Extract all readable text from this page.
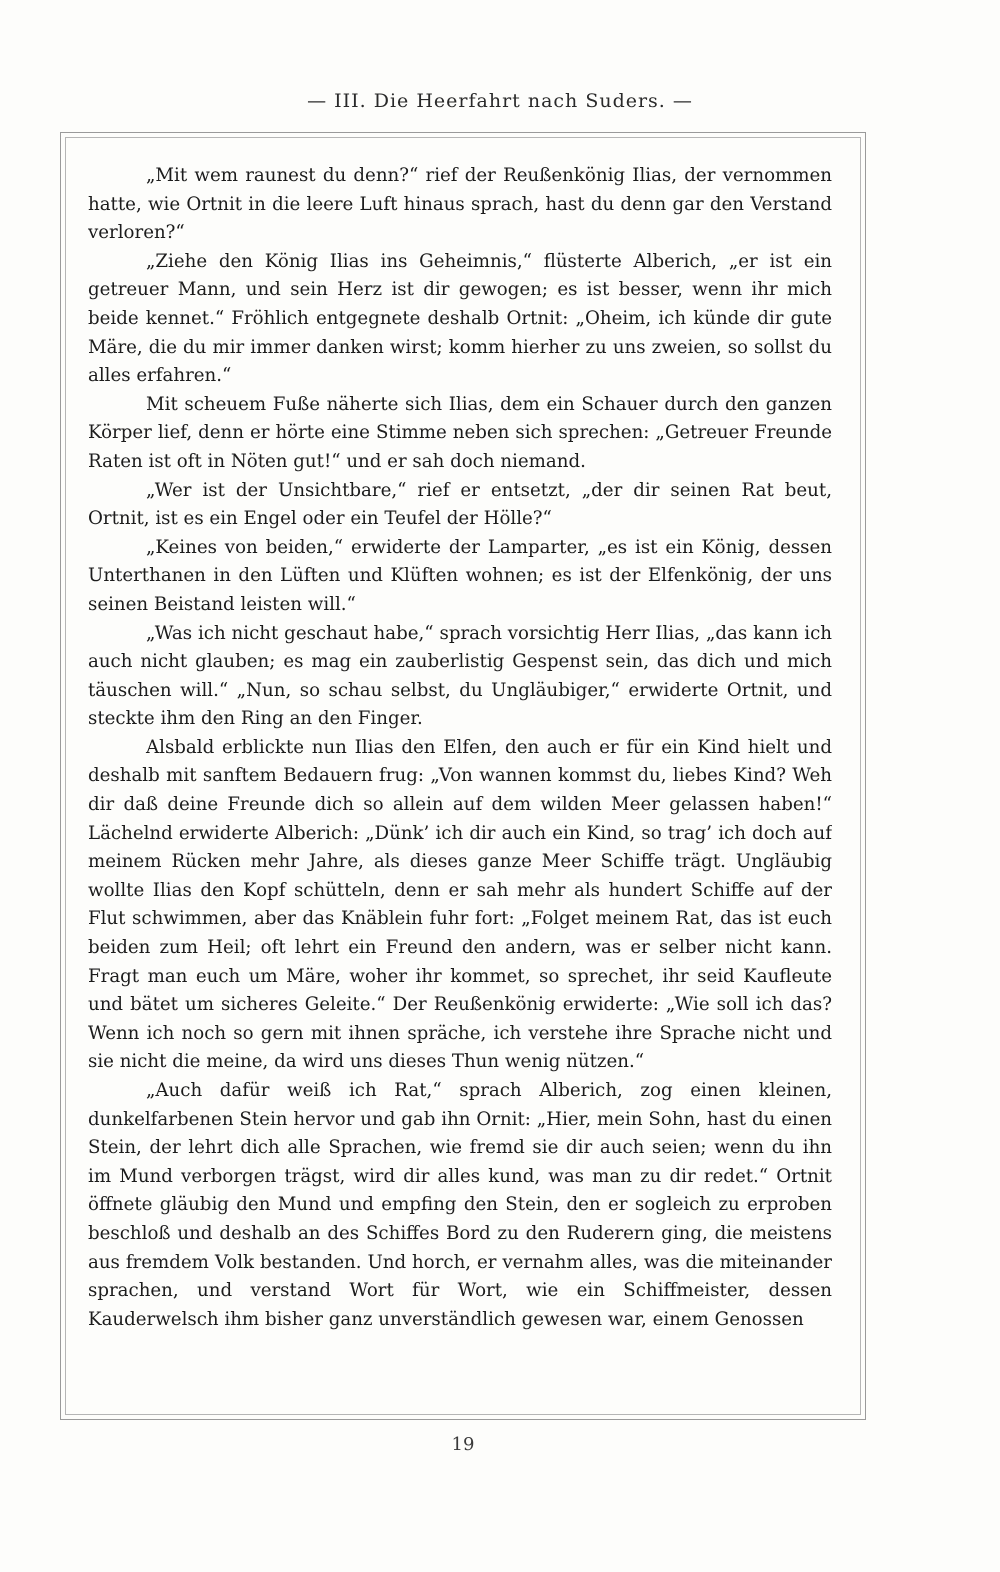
— III. Die Heerfahrt nach Suders. —

„Mit wem raunest du denn?“ rief der Reußenkönig Ilias, der vernommen hatte, wie Ortnit in die leere Luft hinaus sprach, hast du denn gar den Verstand verloren?“

„Ziehe den König Ilias ins Geheimnis,“ flüsterte Alberich, „er ist ein getreuer Mann, und sein Herz ist dir gewogen; es ist besser, wenn ihr mich beide kennet.“ Fröhlich entgegnete deshalb Ortnit: „Oheim, ich künde dir gute Märe, die du mir immer danken wirst; komm hierher zu uns zweien, so sollst du alles erfahren.“

Mit scheuem Fuße näherte sich Ilias, dem ein Schauer durch den ganzen Körper lief, denn er hörte eine Stimme neben sich sprechen: „Getreuer Freunde Raten ist oft in Nöten gut!“ und er sah doch niemand.

„Wer ist der Unsichtbare,“ rief er entsetzt, „der dir seinen Rat beut, Ortnit, ist es ein Engel oder ein Teufel der Hölle?“

„Keines von beiden,“ erwiderte der Lamparter, „es ist ein König, dessen Unterthanen in den Lüften und Klüften wohnen; es ist der Elfenkönig, der uns seinen Beistand leisten will.“

„Was ich nicht geschaut habe,“ sprach vorsichtig Herr Ilias, „das kann ich auch nicht glauben; es mag ein zauberlistig Gespenst sein, das dich und mich täuschen will.“ „Nun, so schau selbst, du Ungläubiger,“ erwiderte Ortnit, und steckte ihm den Ring an den Finger.

Alsbald erblickte nun Ilias den Elfen, den auch er für ein Kind hielt und deshalb mit sanftem Bedauern frug: „Von wannen kommst du, liebes Kind? Weh dir daß deine Freunde dich so allein auf dem wilden Meer gelassen haben!“ Lächelnd erwiderte Alberich: „Dünk’ ich dir auch ein Kind, so trag’ ich doch auf meinem Rücken mehr Jahre, als dieses ganze Meer Schiffe trägt. Ungläubig wollte Ilias den Kopf schütteln, denn er sah mehr als hundert Schiffe auf der Flut schwimmen, aber das Knäblein fuhr fort: „Folget meinem Rat, das ist euch beiden zum Heil; oft lehrt ein Freund den andern, was er selber nicht kann. Fragt man euch um Märe, woher ihr kommet, so sprechet, ihr seid Kaufleute und bätet um sicheres Geleite.“ Der Reußenkönig erwiderte: „Wie soll ich das? Wenn ich noch so gern mit ihnen spräche, ich verstehe ihre Sprache nicht und sie nicht die meine, da wird uns dieses Thun wenig nützen.“

„Auch dafür weiß ich Rat,“ sprach Alberich, zog einen kleinen, dunkelfarbenen Stein hervor und gab ihn Ornit: „Hier, mein Sohn, hast du einen Stein, der lehrt dich alle Sprachen, wie fremd sie dir auch seien; wenn du ihn im Mund verborgen trägst, wird dir alles kund, was man zu dir redet.“ Ortnit öffnete gläubig den Mund und empfing den Stein, den er sogleich zu erproben beschloß und deshalb an des Schiffes Bord zu den Ruderern ging, die meistens aus fremdem Volk bestanden. Und horch, er vernahm alles, was die miteinander sprachen, und verstand Wort für Wort, wie ein Schiffmeister, dessen Kauderwelsch ihm bisher ganz unverständlich gewesen war, einem Genossen

19
